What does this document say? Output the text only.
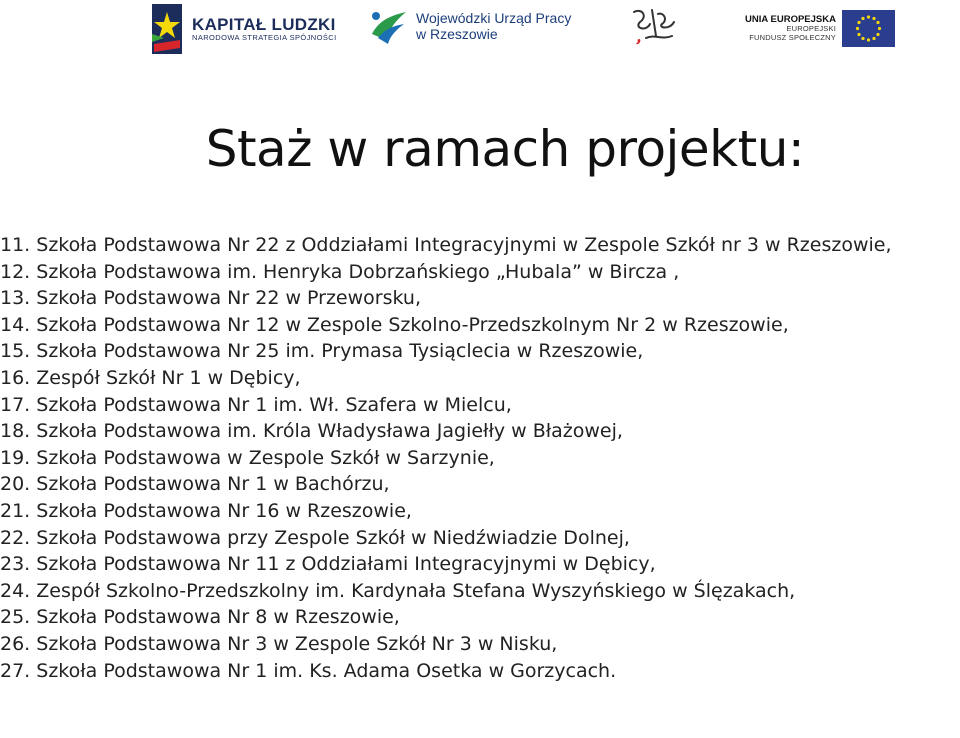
KAPITAŁ LUDZKI
NARODOWA STRATEGIA SPÓJNOŚCI
Wojewódzki Urząd Pracy
w Rzeszowie
UNIA EUROPEJSKA
EUROPEJSKI
FUNDUSZ SPOŁECZNY
Staż w ramach projektu:
11. Szkoła Podstawowa Nr 22 z Oddziałami Integracyjnymi w Zespole Szkół nr 3 w Rzeszowie,
12. Szkoła Podstawowa im. Henryka Dobrzańskiego „Hubala” w Bircza ,
13. Szkoła Podstawowa Nr 22 w Przeworsku,
14. Szkoła Podstawowa Nr 12 w Zespole Szkolno-Przedszkolnym Nr 2 w Rzeszowie,
15. Szkoła Podstawowa Nr 25 im. Prymasa Tysiąclecia w Rzeszowie,
16. Zespół Szkół Nr 1 w Dębicy,
17. Szkoła Podstawowa Nr 1 im. Wł. Szafera w Mielcu,
18. Szkoła Podstawowa im. Króla Władysława Jagiełły w Błażowej,
19. Szkoła Podstawowa w Zespole Szkół w Sarzynie,
20. Szkoła Podstawowa Nr 1 w Bachórzu,
21. Szkoła Podstawowa Nr 16 w Rzeszowie,
22. Szkoła Podstawowa przy Zespole Szkół w Niedźwiadzie Dolnej,
23. Szkoła Podstawowa Nr 11 z Oddziałami Integracyjnymi w Dębicy,
24. Zespół Szkolno-Przedszkolny im. Kardynała Stefana Wyszyńskiego w Ślęzakach,
25. Szkoła Podstawowa Nr 8 w Rzeszowie,
26. Szkoła Podstawowa Nr 3 w Zespole Szkół Nr 3 w Nisku,
27. Szkoła Podstawowa Nr 1 im. Ks. Adama Osetka w Gorzycach.
